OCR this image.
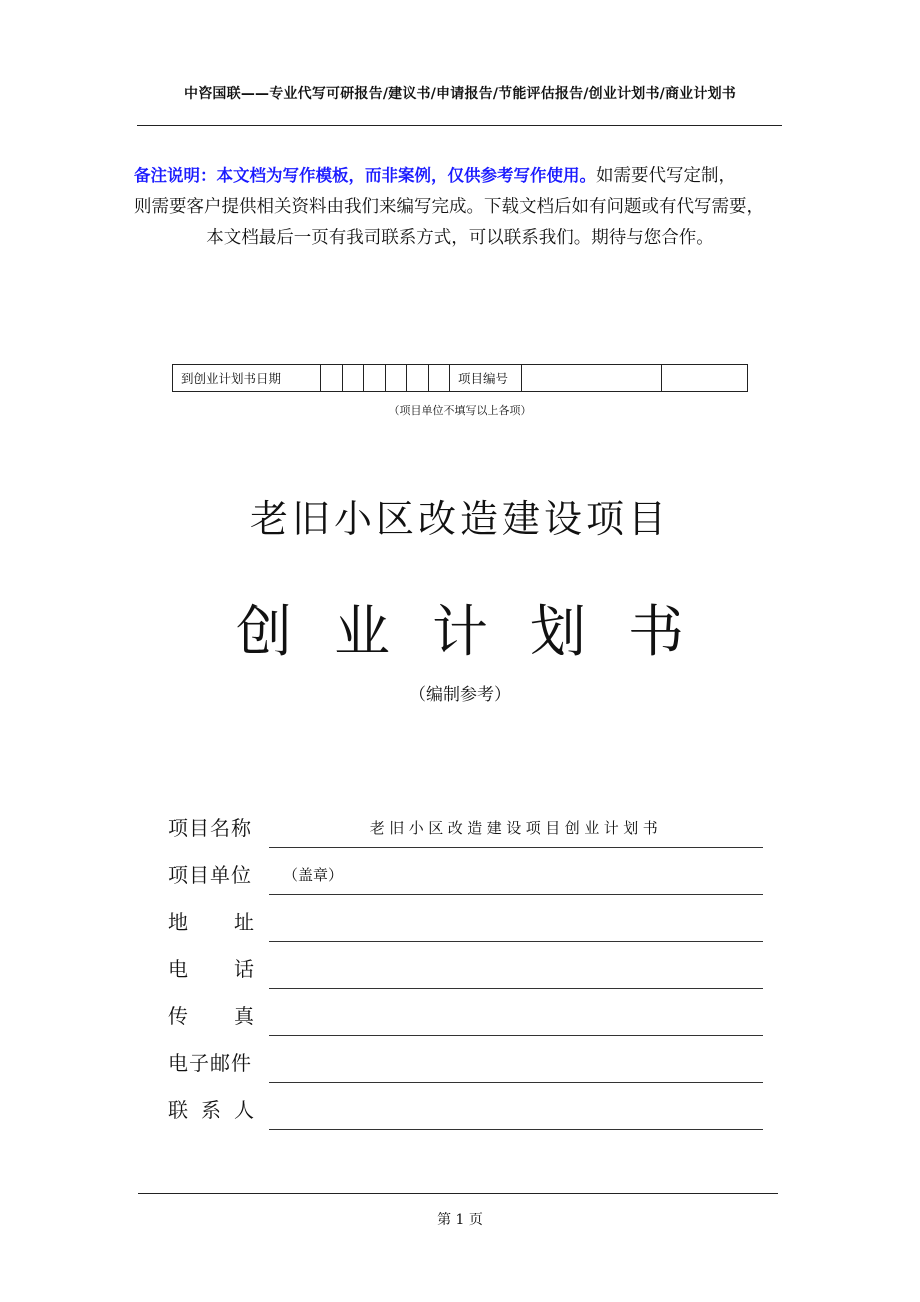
中咨国联——专业代写可研报告/建议书/申请报告/节能评估报告/创业计划书/商业计划书
备注说明：本文档为写作模板，而非案例，仅供参考写作使用。如需要代写定制，
则需要客户提供相关资料由我们来编写完成。下载文档后如有问题或有代写需要，
本文档最后一页有我司联系方式，可以联系我们。期待与您合作。
到创业计划书日期	项目编号
（项目单位不填写以上各项）
老旧小区改造建设项目
创业计划书
（编制参考）
项目名称	老旧小区改造建设项目创业计划书
项目单位 （盖章）
地 址
电 话
传 真
电子邮件
联 系 人
第 1 页
